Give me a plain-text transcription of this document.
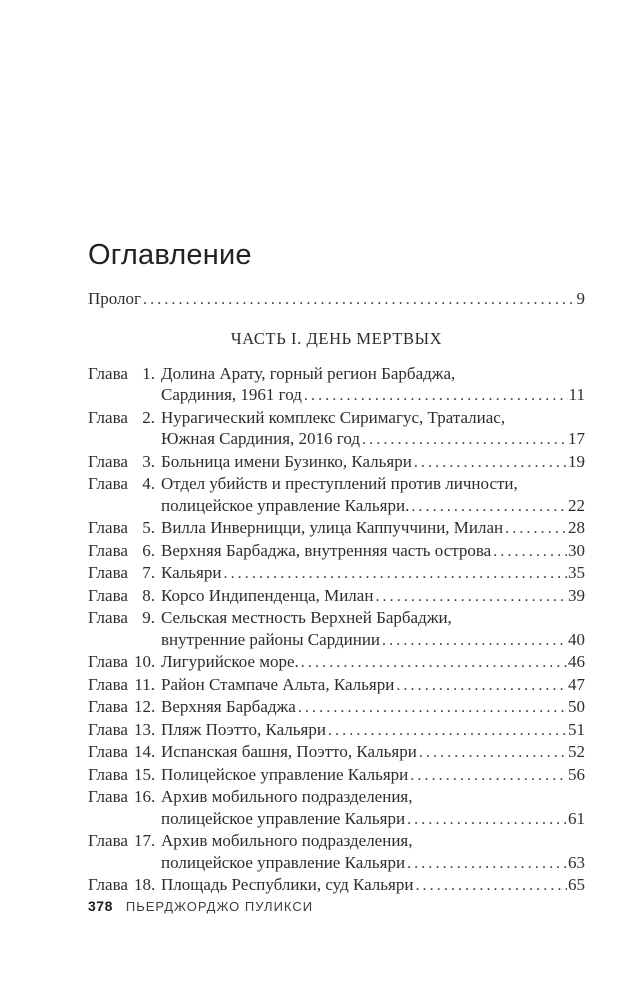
Оглавление
Пролог .....	9
ЧАСТЬ I. ДЕНЬ МЕРТВЫХ
Глава 1. Долина Арату, горный регион Барбаджа,
Сардиния, 1961 год .....	11
Глава 2. Нурагический комплекс Сиримагус, Траталиас,
Южная Сардиния, 2016 год .....	17
Глава 3. Больница имени Бузинко, Кальяри .....	19
Глава 4. Отдел убийств и преступлений против личности,
полицейское управление Кальяри. .....	22
Глава 5. Вилла Инверницци, улица Каппуччини, Милан .....	28
Глава 6. Верхняя Барбаджа, внутренняя часть острова .....	30
Глава 7. Кальяри .....	35
Глава 8. Корсо Индипенденца, Милан .....	39
Глава 9. Сельская местность Верхней Барбаджи,
внутренние районы Сардинии .....	40
Глава 10. Лигурийское море. .....	46
Глава 11. Район Стампаче Альта, Кальяри .....	47
Глава 12. Верхняя Барбаджа .....	50
Глава 13. Пляж Поэтто, Кальяри .....	51
Глава 14. Испанская башня, Поэтто, Кальяри .....	52
Глава 15. Полицейское управление Кальяри .....	56
Глава 16. Архив мобильного подразделения,
полицейское управление Кальяри .....	61
Глава 17. Архив мобильного подразделения,
полицейское управление Кальяри .....	63
Глава 18. Площадь Республики, суд Кальяри .....	65
378 ПЬЕРДЖОРДЖО ПУЛИКСИ
